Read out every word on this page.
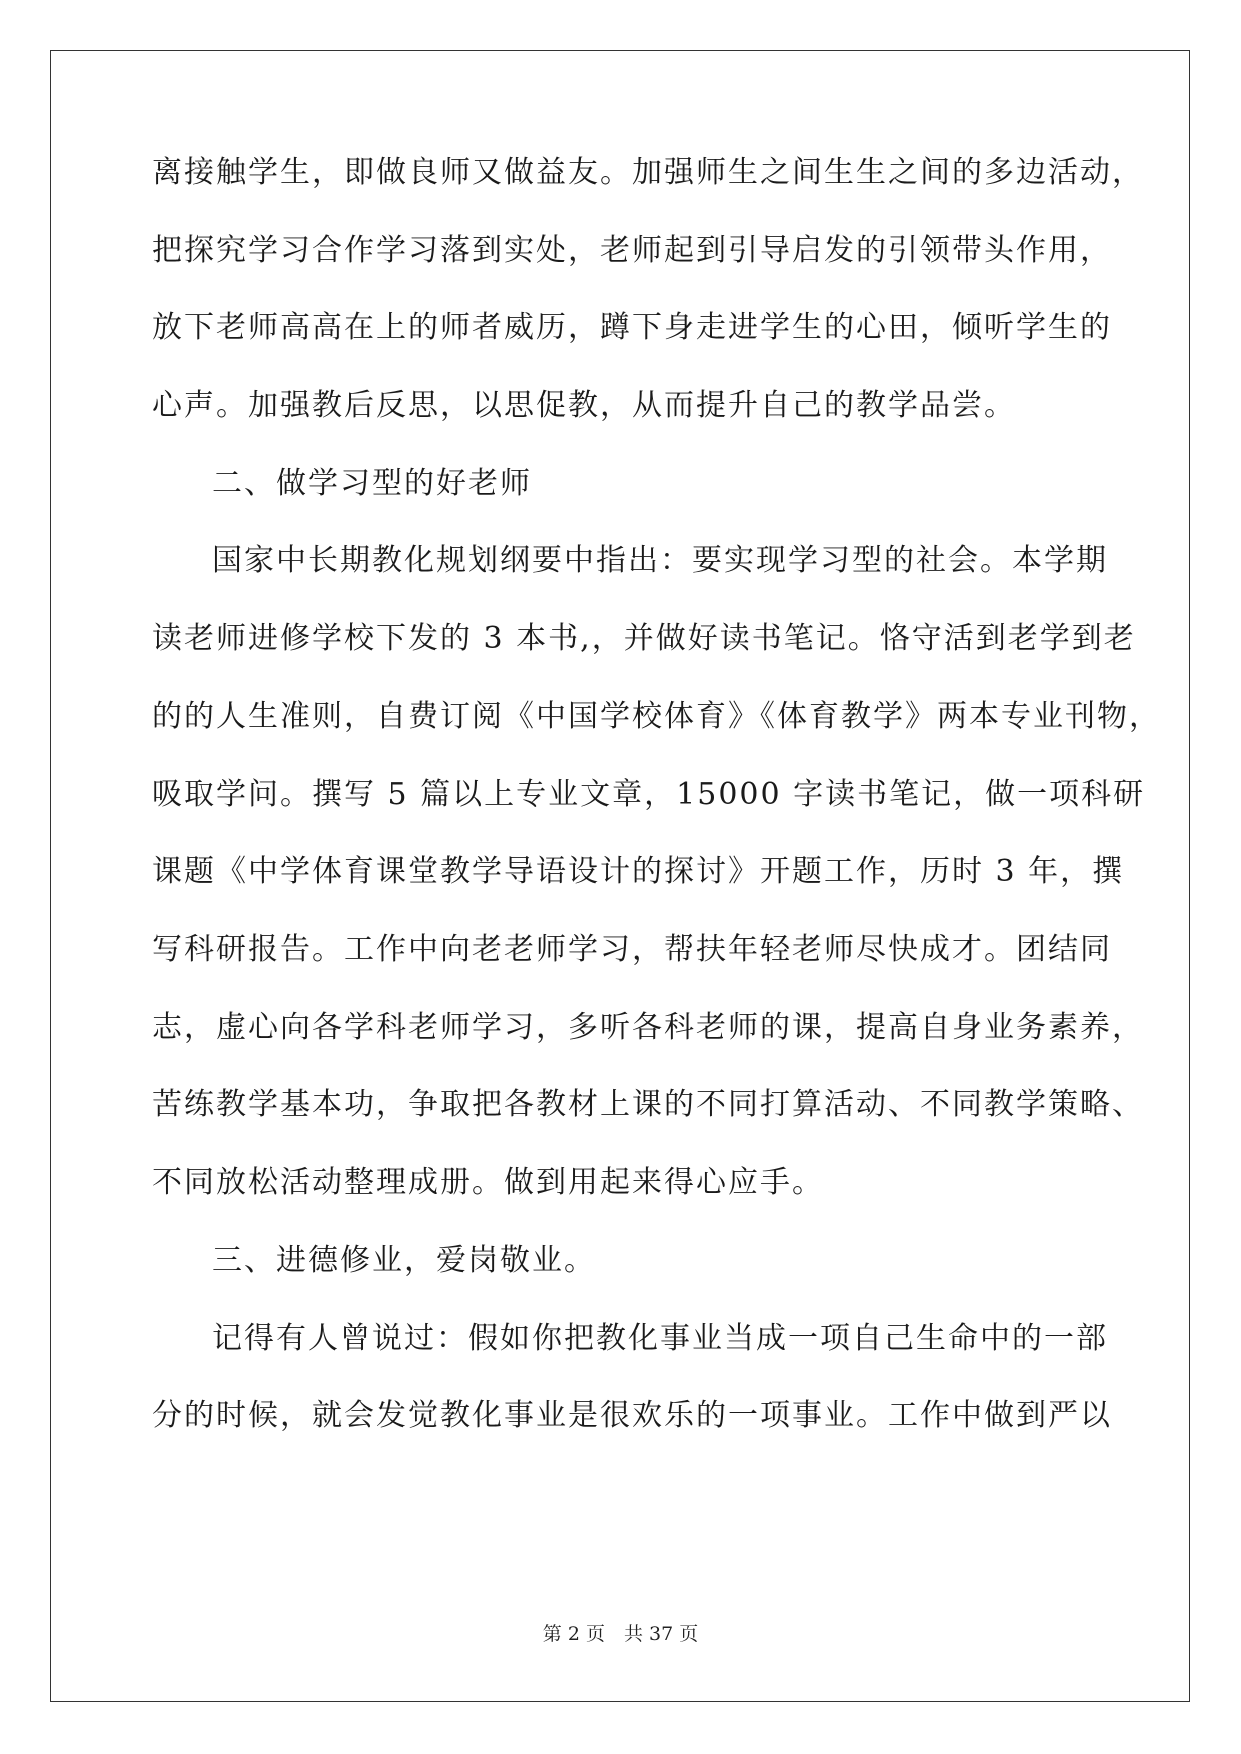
离接触学生，即做良师又做益友。加强师生之间生生之间的多边活动，
把探究学习合作学习落到实处，老师起到引导启发的引领带头作用，
放下老师高高在上的师者威历，蹲下身走进学生的心田，倾听学生的
心声。加强教后反思，以思促教，从而提升自己的教学品尝。
二、做学习型的好老师
国家中长期教化规划纲要中指出：要实现学习型的社会。本学期
读老师进修学校下发的 3 本书,，并做好读书笔记。恪守活到老学到老
的的人生准则，自费订阅《中国学校体育》《体育教学》两本专业刊物，
吸取学问。撰写 5 篇以上专业文章，15000 字读书笔记，做一项科研
课题《中学体育课堂教学导语设计的探讨》开题工作，历时 3 年，撰
写科研报告。工作中向老老师学习，帮扶年轻老师尽快成才。团结同
志，虚心向各学科老师学习，多听各科老师的课，提高自身业务素养，
苦练教学基本功，争取把各教材上课的不同打算活动、不同教学策略、
不同放松活动整理成册。做到用起来得心应手。
三、进德修业，爱岗敬业。
记得有人曾说过：假如你把教化事业当成一项自己生命中的一部
分的时候，就会发觉教化事业是很欢乐的一项事业。工作中做到严以
第 2 页　共 37 页
